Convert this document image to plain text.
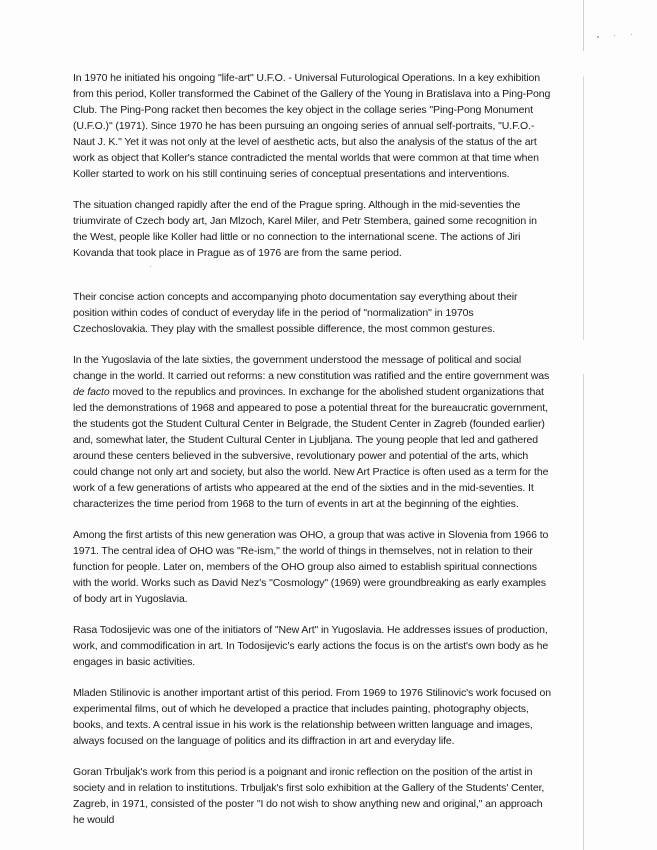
In 1970 he initiated his ongoing "life-art" U.F.O. - Universal Futurological Operations. In a key exhibition from this period, Koller transformed the Cabinet of the Gallery of the Young in Bratislava into a Ping-Pong Club. The Ping-Pong racket then becomes the key object in the collage series "Ping-Pong Monument (U.F.O.)" (1971). Since 1970 he has been pursuing an ongoing series of annual self-portraits, "U.F.O.-Naut J. K." Yet it was not only at the level of aesthetic acts, but also the analysis of the status of the art work as object that Koller's stance contradicted the mental worlds that were common at that time when Koller started to work on his still continuing series of conceptual presentations and interventions.

The situation changed rapidly after the end of the Prague spring. Although in the mid-seventies the triumvirate of Czech body art, Jan Mlzoch, Karel Miler, and Petr Stembera, gained some recognition in the West, people like Koller had little or no connection to the international scene. The actions of Jiri Kovanda that took place in Prague as of 1976 are from the same period.

Their concise action concepts and accompanying photo documentation say everything about their position within codes of conduct of everyday life in the period of "normalization" in 1970s Czechoslovakia. They play with the smallest possible difference, the most common gestures.

In the Yugoslavia of the late sixties, the government understood the message of political and social change in the world. It carried out reforms: a new constitution was ratified and the entire government was de facto moved to the republics and provinces. In exchange for the abolished student organizations that led the demonstrations of 1968 and appeared to pose a potential threat for the bureaucratic government, the students got the Student Cultural Center in Belgrade, the Student Center in Zagreb (founded earlier) and, somewhat later, the Student Cultural Center in Ljubljana. The young people that led and gathered around these centers believed in the subversive, revolutionary power and potential of the arts, which could change not only art and society, but also the world. New Art Practice is often used as a term for the work of a few generations of artists who appeared at the end of the sixties and in the mid-seventies. It characterizes the time period from 1968 to the turn of events in art at the beginning of the eighties.

Among the first artists of this new generation was OHO, a group that was active in Slovenia from 1966 to 1971. The central idea of OHO was "Re-ism," the world of things in themselves, not in relation to their function for people. Later on, members of the OHO group also aimed to establish spiritual connections with the world. Works such as David Nez's "Cosmology" (1969) were groundbreaking as early examples of body art in Yugoslavia.

Rasa Todosijevic was one of the initiators of "New Art" in Yugoslavia. He addresses issues of production, work, and commodification in art. In Todosijevic's early actions the focus is on the artist's own body as he engages in basic activities.

Mladen Stilinovic is another important artist of this period. From 1969 to 1976 Stilinovic's work focused on experimental films, out of which he developed a practice that includes painting, photography objects, books, and texts. A central issue in his work is the relationship between written language and images, always focused on the language of politics and its diffraction in art and everyday life.

Goran Trbuljak's work from this period is a poignant and ironic reflection on the position of the artist in society and in relation to institutions. Trbuljak's first solo exhibition at the Gallery of the Students' Center, Zagreb, in 1971, consisted of the poster "I do not wish to show anything new and original," an approach he would
